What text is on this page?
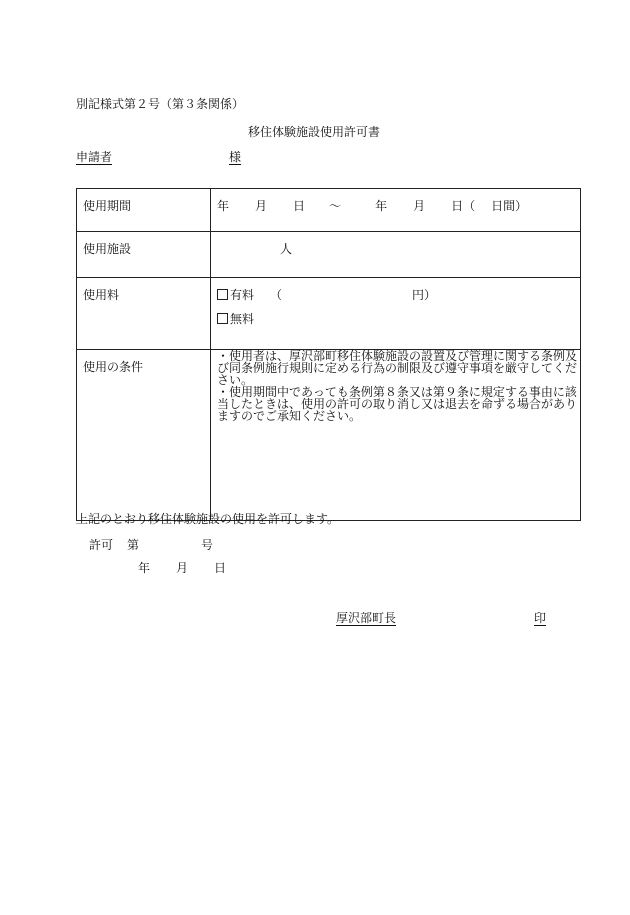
別記様式第２号（第３条関係）
移住体験施設使用許可書
申請者	様
使用期間	年 月 日 ～ 年 月 日（ 日間）
使用施設	人
使用料	有料 （ 円）
無料

使用の条件	・使用者は、厚沢部町移住体験施設の設置及び管理に関する条例及び同条例施行規則に定める行為の制限及び遵守事項を厳守してください。
・使用期間中であっても条例第８条又は第９条に規定する事由に該当したときは、使用の許可の取り消し又は退去を命ずる場合がありますのでご承知ください。
上記のとおり移住体験施設の使用を許可します。
許可 第	号
年 月 日
厚沢部町長	印
